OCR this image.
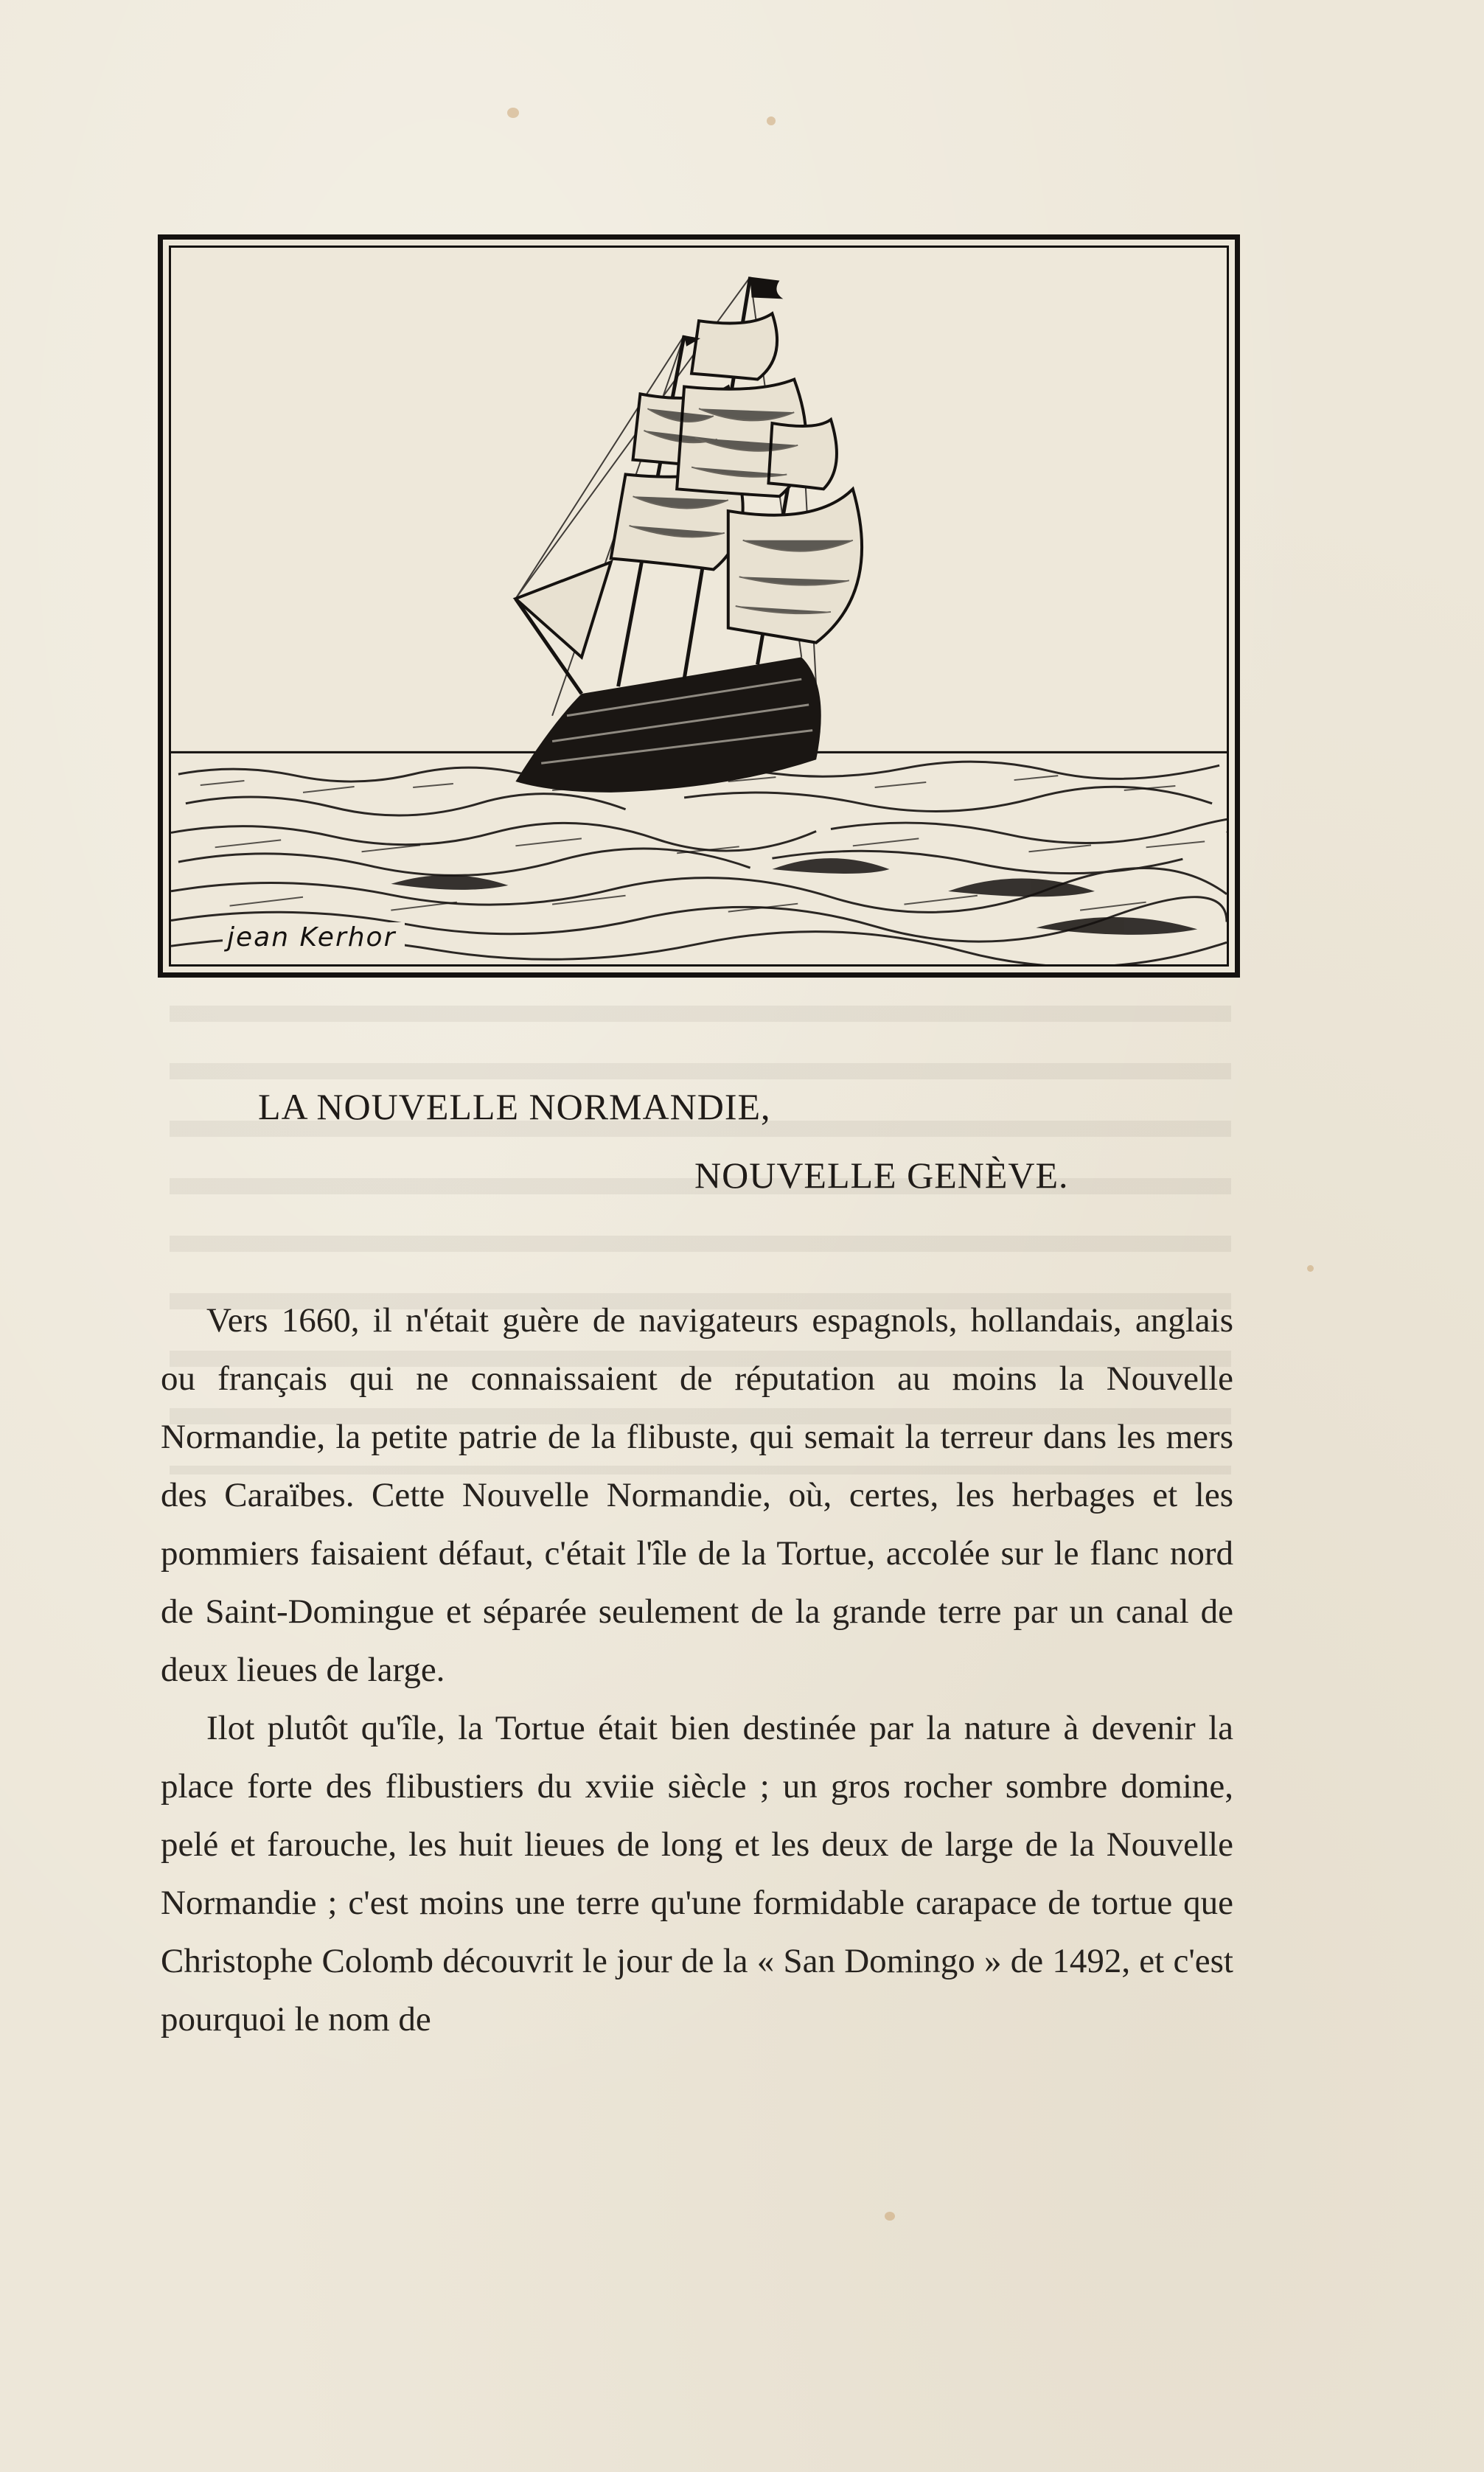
jean Kerhor
LA NOUVELLE NORMANDIE,
NOUVELLE GENÈVE.

Vers 1660, il n'était guère de navigateurs espagnols, hollandais, anglais ou français qui ne connaissaient de réputation au moins la Nouvelle Normandie, la petite patrie de la flibuste, qui semait la terreur dans les mers des Caraïbes. Cette Nouvelle Normandie, où, certes, les herbages et les pommiers faisaient défaut, c'était l'île de la Tortue, accolée sur le flanc nord de Saint-Domingue et séparée seulement de la grande terre par un canal de deux lieues de large.

Ilot plutôt qu'île, la Tortue était bien destinée par la nature à devenir la place forte des flibustiers du xviie siècle ; un gros rocher sombre domine, pelé et farouche, les huit lieues de long et les deux de large de la Nouvelle Normandie ; c'est moins une terre qu'une formidable carapace de tortue que Christophe Colomb découvrit le jour de la « San Domingo » de 1492, et c'est pourquoi le nom de
